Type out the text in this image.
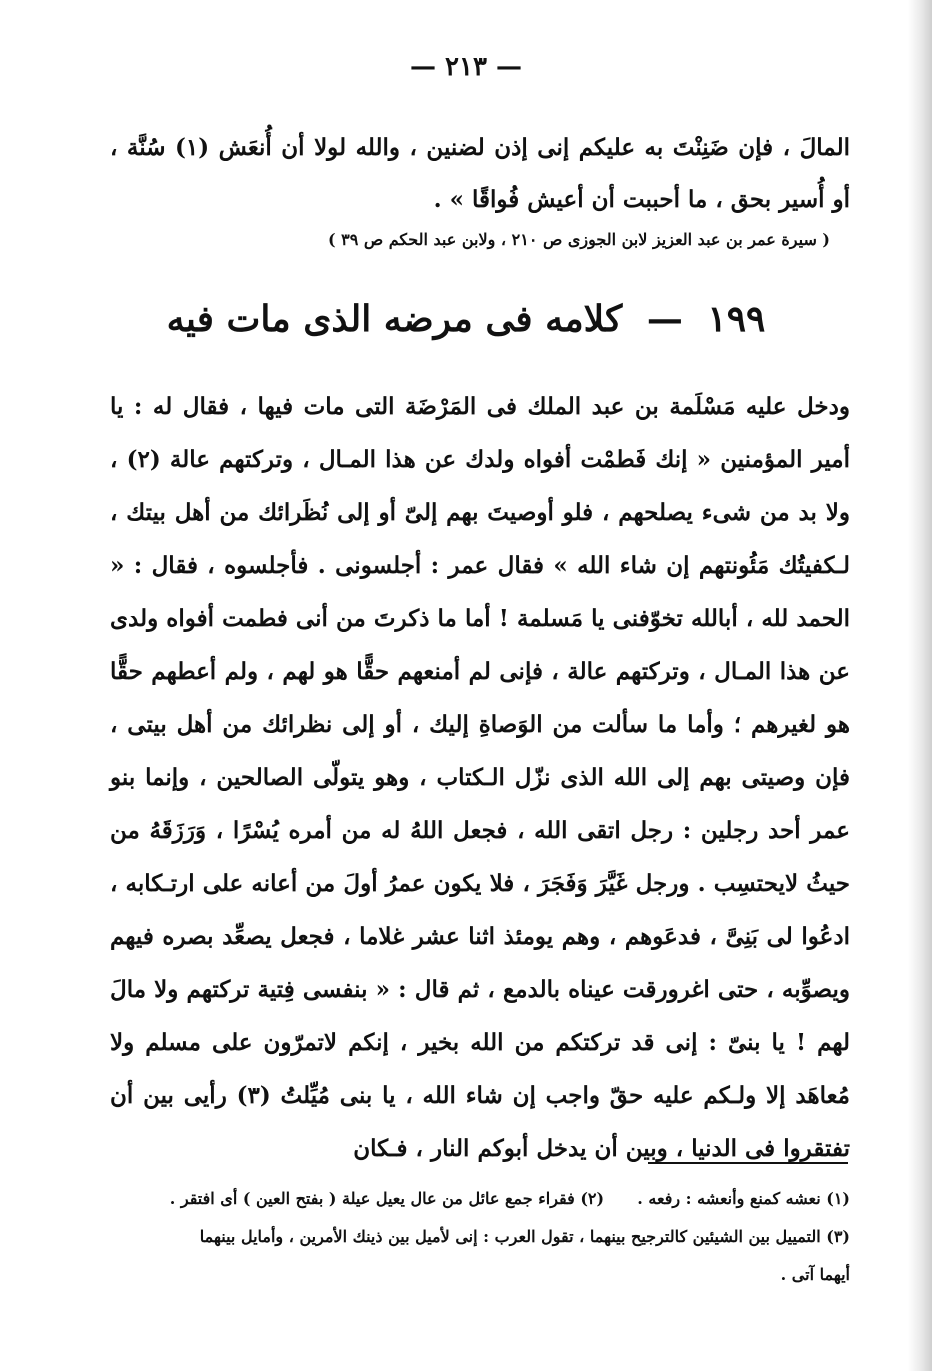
— ٢١٣ —

المالَ ، فإن ضَنِنْتَ به عليكم إنى إذن لضنين ، والله لولا أن أُنعَش (١) سُنَّة ، أو أُسير بحق ، ما أحببت أن أعيش فُواقًا » .

( سيرة عمر بن عبد العزيز لابن الجوزى ص ٢١٠ ، ولابن عبد الحكم ص ٣٩ )

١٩٩ — كلامه فى مرضه الذى مات فيه

ودخل عليه مَسْلَمة بن عبد الملك فى المَرْضَة التى مات فيها ، فقال له : يا أمير المؤمنين « إنك فَطمْت أفواه ولدك عن هذا المـال ، وتركتهم عالة (٢) ، ولا بد من شىء يصلحهم ، فلو أوصيتَ بهم إلىّ أو إلى نُظَرائك من أهل بيتك ، لـكفيتُك مَئُونتهم إن شاء الله » فقال عمر : أجلسونى . فأجلسوه ، فقال : « الحمد لله ، أبالله تخوّفنى يا مَسلمة ! أما ما ذكرتَ من أنى فطمت أفواه ولدى عن هذا المـال ، وتركتهم عالة ، فإنى لم أمنعهم حقًّا هو لهم ، ولم أعطهم حقًّا هو لغيرهم ؛ وأما ما سألت من الوَصاةِ إليك ، أو إلى نظرائك من أهل بيتى ، فإن وصيتى بهم إلى الله الذى نزّل الـكتاب ، وهو يتولّى الصالحين ، وإنما بنو عمر أحد رجلين : رجل اتقى الله ، فجعل اللهُ له من أمره يُسْرًا ، وَرَزَقَهُ من حيثُ لايحتسِب . ورجل غَيَّرَ وَفَجَرَ ، فلا يكون عمرُ أولَ من أعانه على ارتـكابه ، ادعُوا لى بَنِىَّ ، فدعَوهم ، وهم يومئذ اثنا عشر غلاما ، فجعل يصعِّد بصره فيهم ويصوِّبه ، حتى اغرورقت عيناه بالدمع ، ثم قال : « بنفسى فِتية تركتهم ولا مالَ لهم ! يا بنىّ : إنى قد تركتكم من الله بخير ، إنكم لاتمرّون على مسلم ولا مُعاهَد إلا ولـكم عليه حقّ واجب إن شاء الله ، يا بنى مُيِّلتُ (٣) رأيى بين أن تفتقروا فى الدنيا ، وبين أن يدخل أبوكم النار ، فـكان

(١) نعشه كمنع وأنعشه : رفعه .  (٢) فقراء جمع عائل من عال يعيل عيلة ( بفتح العين ) أى افتقر .
(٣) التمييل بين الشيئين كالترجيح بينهما ، تقول العرب : إنى لأميل بين ذينك الأمرين ، وأمايل بينهما
أيهما آتى .
